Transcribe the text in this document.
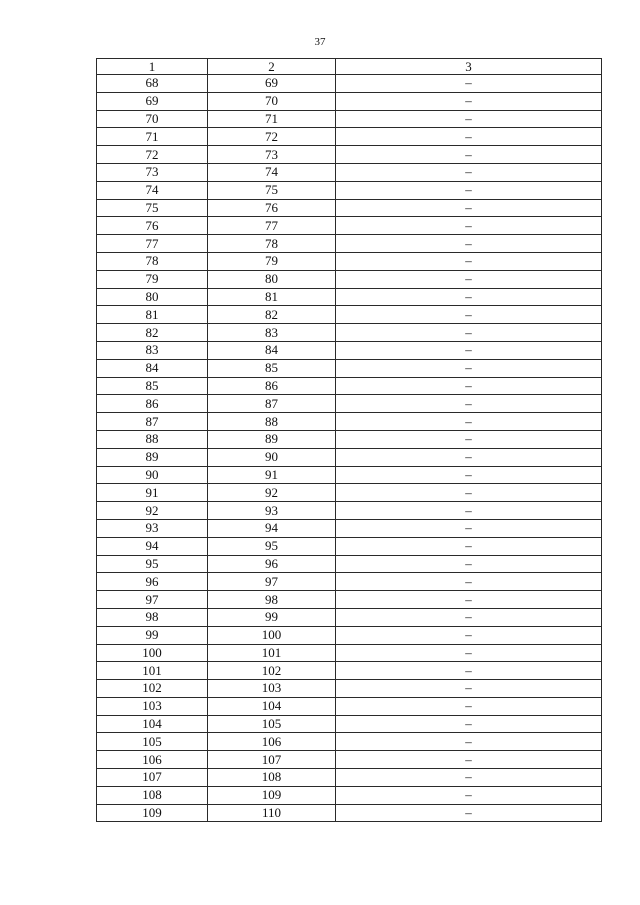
37
1	2	3
68	69	–
69	70	–
70	71	–
71	72	–
72	73	–
73	74	–
74	75	–
75	76	–
76	77	–
77	78	–
78	79	–
79	80	–
80	81	–
81	82	–
82	83	–
83	84	–
84	85	–
85	86	–
86	87	–
87	88	–
88	89	–
89	90	–
90	91	–
91	92	–
92	93	–
93	94	–
94	95	–
95	96	–
96	97	–
97	98	–
98	99	–
99	100	–
100	101	–
101	102	–
102	103	–
103	104	–
104	105	–
105	106	–
106	107	–
107	108	–
108	109	–
109	110	–
